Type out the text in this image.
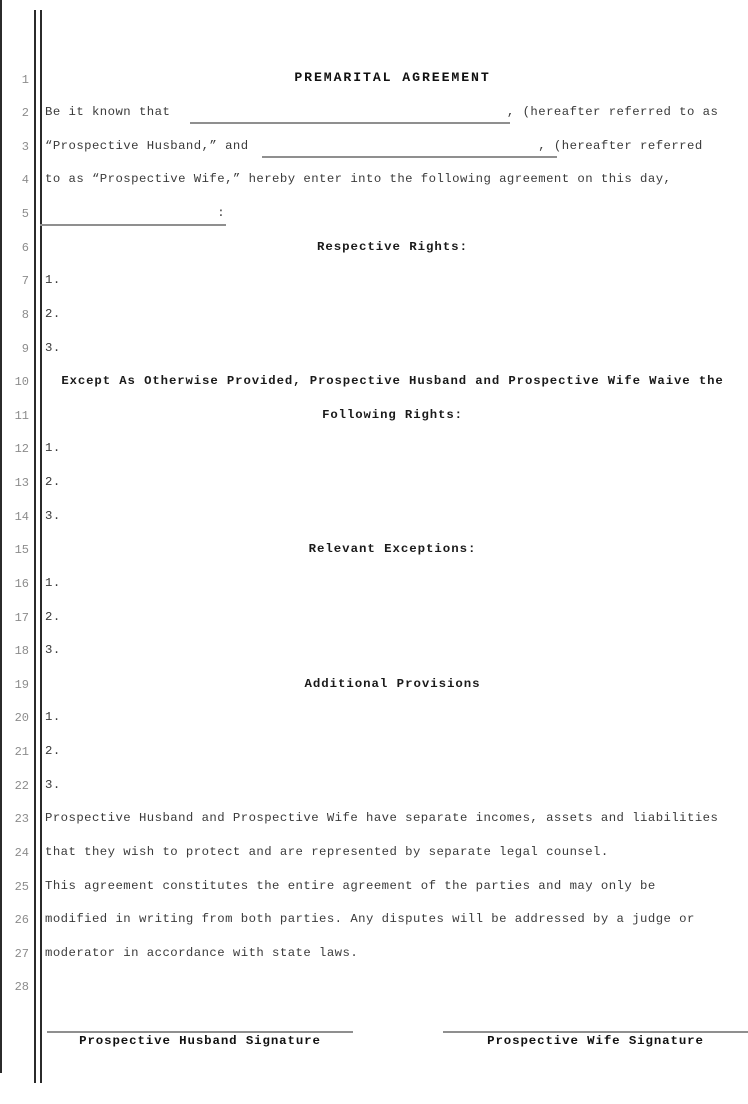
1
2
3
4
5
6
7
8
9
10
11
12
13
14
15
16
17
18
19
20
21
22
23
24
25
26
27
28
PREMARITAL AGREEMENT
Be it known that                                           , (hereafter referred to as
“Prospective Husband,” and                                     , (hereafter referred
to as “Prospective Wife,” hereby enter into the following agreement on this day,
:
Respective Rights:
1.
2.
3.
Except As Otherwise Provided, Prospective Husband and Prospective Wife Waive the
Following Rights:
1.
2.
3.
Relevant Exceptions:
1.
2.
3.
Additional Provisions
1.
2.
3.
Prospective Husband and Prospective Wife have separate incomes, assets and liabilities
that they wish to protect and are represented by separate legal counsel.
This agreement constitutes the entire agreement of the parties and may only be
modified in writing from both parties. Any disputes will be addressed by a judge or
moderator in accordance with state laws.
Prospective Husband Signature	Prospective Wife Signature
